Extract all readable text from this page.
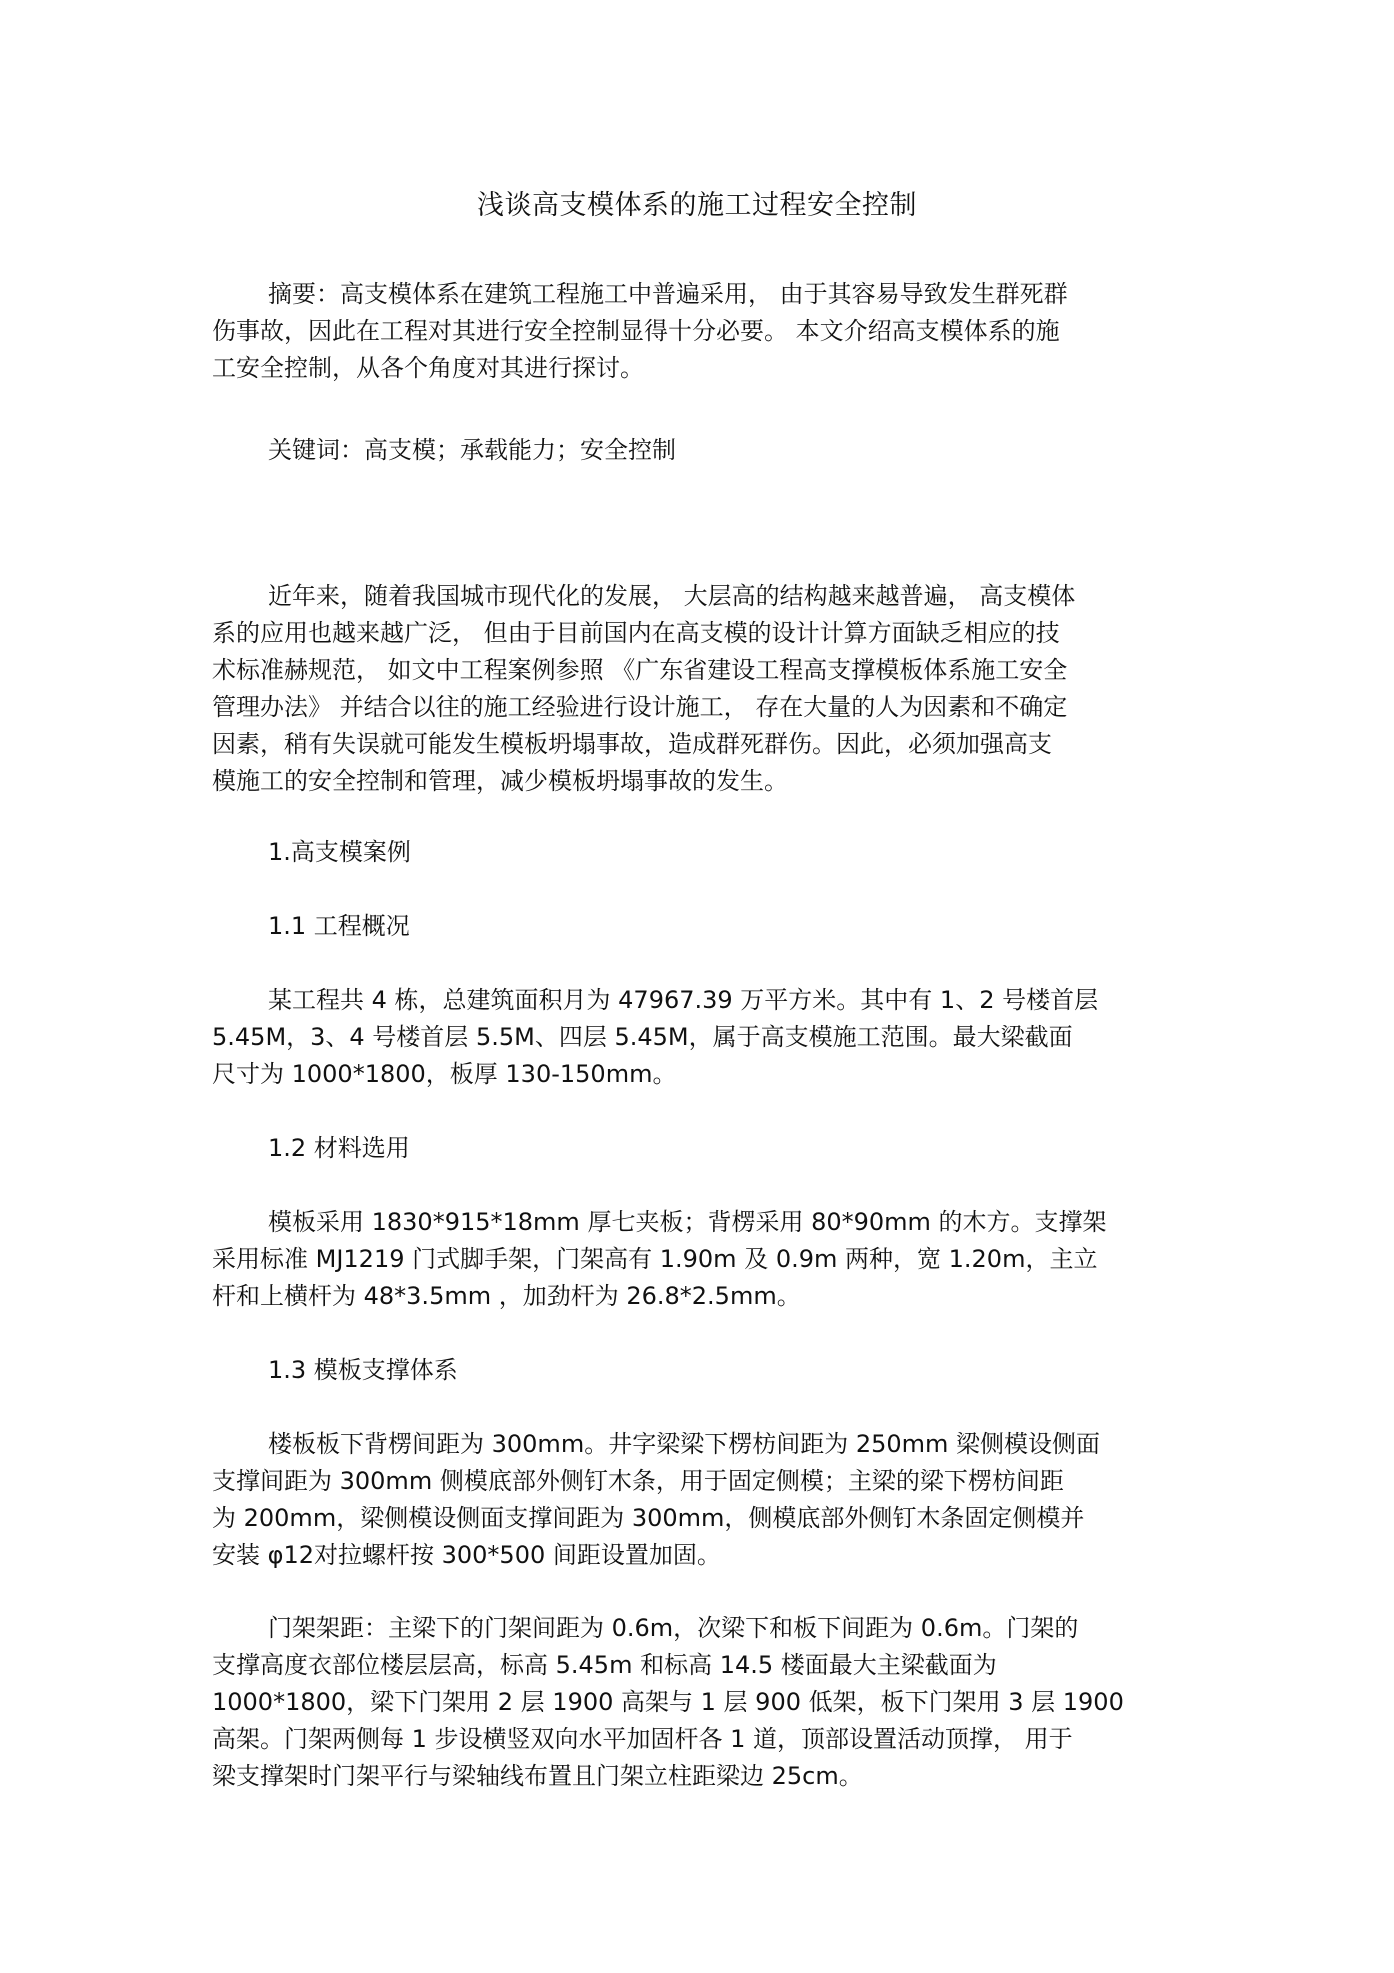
浅谈高支模体系的施工过程安全控制
摘要：高支模体系在建筑工程施工中普遍采用， 由于其容易导致发生群死群
伤事故，因此在工程对其进行安全控制显得十分必要。 本文介绍高支模体系的施
工安全控制，从各个角度对其进行探讨。
关键词：高支模；承载能力；安全控制
近年来，随着我国城市现代化的发展， 大层高的结构越来越普遍， 高支模体
系的应用也越来越广泛， 但由于目前国内在高支模的设计计算方面缺乏相应的技
术标准赫规范， 如文中工程案例参照 《广东省建设工程高支撑模板体系施工安全
管理办法》 并结合以往的施工经验进行设计施工， 存在大量的人为因素和不确定
因素，稍有失误就可能发生模板坍塌事故，造成群死群伤。因此，必须加强高支
模施工的安全控制和管理，减少模板坍塌事故的发生。
1.高支模案例
1.1 工程概况
某工程共 4 栋，总建筑面积月为 47967.39 万平方米。其中有 1、2 号楼首层
5.45M，3、4 号楼首层 5.5M、四层 5.45M，属于高支模施工范围。最大梁截面
尺寸为 1000*1800，板厚 130-150mm。
1.2 材料选用
模板采用 1830*915*18mm 厚七夹板；背楞采用 80*90mm 的木方。支撑架
采用标准 MJ1219 门式脚手架，门架高有 1.90m 及 0.9m 两种，宽 1.20m，主立
杆和上横杆为 48*3.5mm ，加劲杆为 26.8*2.5mm。
1.3 模板支撑体系
楼板板下背楞间距为 300mm。井字梁梁下楞枋间距为 250mm 梁侧模设侧面
支撑间距为 300mm 侧模底部外侧钉木条，用于固定侧模；主梁的梁下楞枋间距
为 200mm，梁侧模设侧面支撑间距为 300mm，侧模底部外侧钉木条固定侧模并
安装 φ12对拉螺杆按 300*500 间距设置加固。
门架架距：主梁下的门架间距为 0.6m，次梁下和板下间距为 0.6m。门架的
支撑高度衣部位楼层层高，标高 5.45m 和标高 14.5 楼面最大主梁截面为
1000*1800，梁下门架用 2 层 1900 高架与 1 层 900 低架，板下门架用 3 层 1900
高架。门架两侧每 1 步设横竖双向水平加固杆各 1 道，顶部设置活动顶撑， 用于
梁支撑架时门架平行与梁轴线布置且门架立柱距梁边 25cm。
